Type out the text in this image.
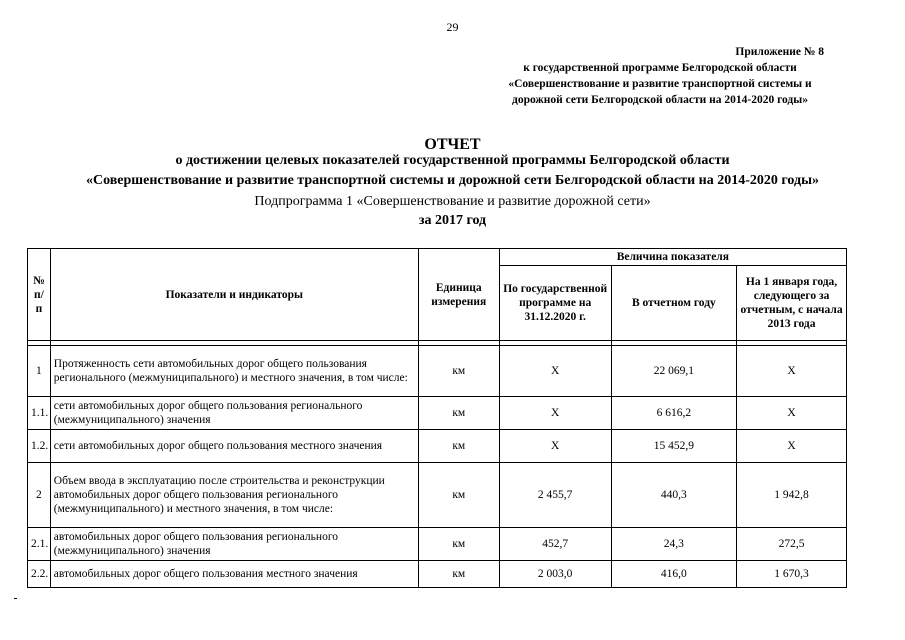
29
Приложение № 8
к государственной программе Белгородской области
«Совершенствование и развитие транспортной системы и
дорожной сети Белгородской области на 2014-2020 годы»
ОТЧЕТ
о достижении целевых показателей государственной программы Белгородской области
«Совершенствование и развитие транспортной системы и дорожной сети Белгородской области на 2014-2020 годы»
Подпрограмма 1 «Совершенствование и развитие дорожной сети»
за 2017 год
№ п/п	Показатели и индикаторы	Единица измерения	Величина показателя		
			По государственной программе на 31.12.2020 г.	В отчетном году	На 1 января года, следующего за отчетным, с начала 2013 года

1	Протяженность сети автомобильных дорог общего пользования регионального (межмуниципального) и местного значения, в том числе:	км	Х	22 069,1	Х
1.1.	сети автомобильных дорог общего пользования регионального (межмуниципального) значения	км	Х	6 616,2	Х
1.2.	сети автомобильных дорог общего пользования местного значения	км	Х	15 452,9	Х
2	Объем ввода в эксплуатацию после строительства и реконструкции автомобильных дорог общего пользования регионального (межмуниципального) и местного значения, в том числе:	км	2 455,7	440,3	1 942,8
2.1.	автомобильных дорог общего пользования регионального (межмуниципального) значения	км	452,7	24,3	272,5
2.2.	автомобильных дорог общего пользования местного значения	км	2 003,0	416,0	1 670,3
